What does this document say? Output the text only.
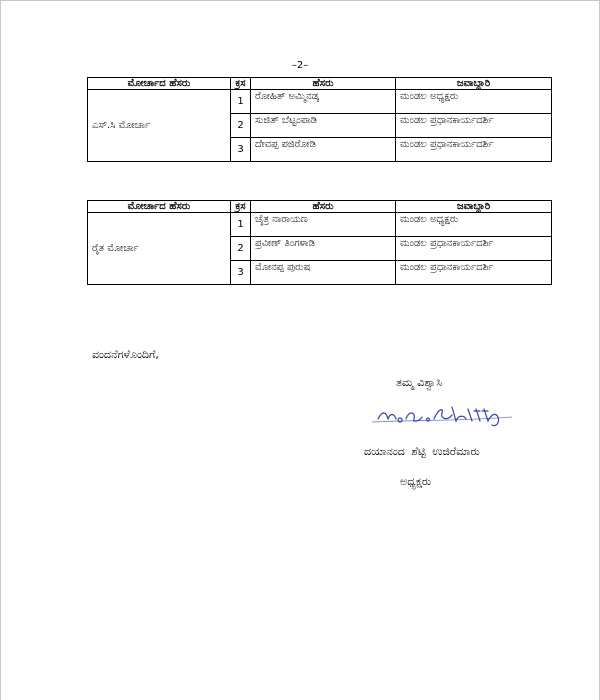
–2–
ಮೋರ್ಚಾದ ಹೆಸರು	ಕ್ರಸ	ಹೆಸರು	ಜವಾಬ್ದಾರಿ
ಎಸ್.ಸಿ ಮೋರ್ಚಾ	1	ರೋಹಿತ್ ಅಮ್ಮಿನಡ್ಕ	ಮಂಡಲ ಅಧ್ಯಕ್ಷರು
	2	ಸುಜಿತ್ ಬೆಟ್ಟಂಪಾಡಿ	ಮಂಡಲ ಪ್ರಧಾನಕಾರ್ಯದರ್ಶಿ
	3	ದೇವಪ್ಪ ಪಜಿರೋಡಿ	ಮಂಡಲ ಪ್ರಧಾನಕಾರ್ಯದರ್ಶಿ
ಮೋರ್ಚಾದ ಹೆಸರು	ಕ್ರಸ	ಹೆಸರು	ಜವಾಬ್ದಾರಿ
ರೈತ ಮೋರ್ಚಾ	1	ಚೈತ್ರ ನಾರಾಯಣ	ಮಂಡಲ ಅಧ್ಯಕ್ಷರು
	2	ಪ್ರವೀಣ್ ತಿಂಗಳಾಡಿ	ಮಂಡಲ ಪ್ರಧಾನಕಾರ್ಯದರ್ಶಿ
	3	ಮೋನಪ್ಪ ಪುರುಷ	ಮಂಡಲ ಪ್ರಧಾನಕಾರ್ಯದರ್ಶಿ
ವಂದನೆಗಳೊಂದಿಗೆ,
ತಮ್ಮ ವಿಶ್ವಾಸಿ
ದಯಾನಂದ ಶೆಟ್ಟಿ ಉಜಿರೆಮಾರು
ಅಧ್ಯಕ್ಷರು
